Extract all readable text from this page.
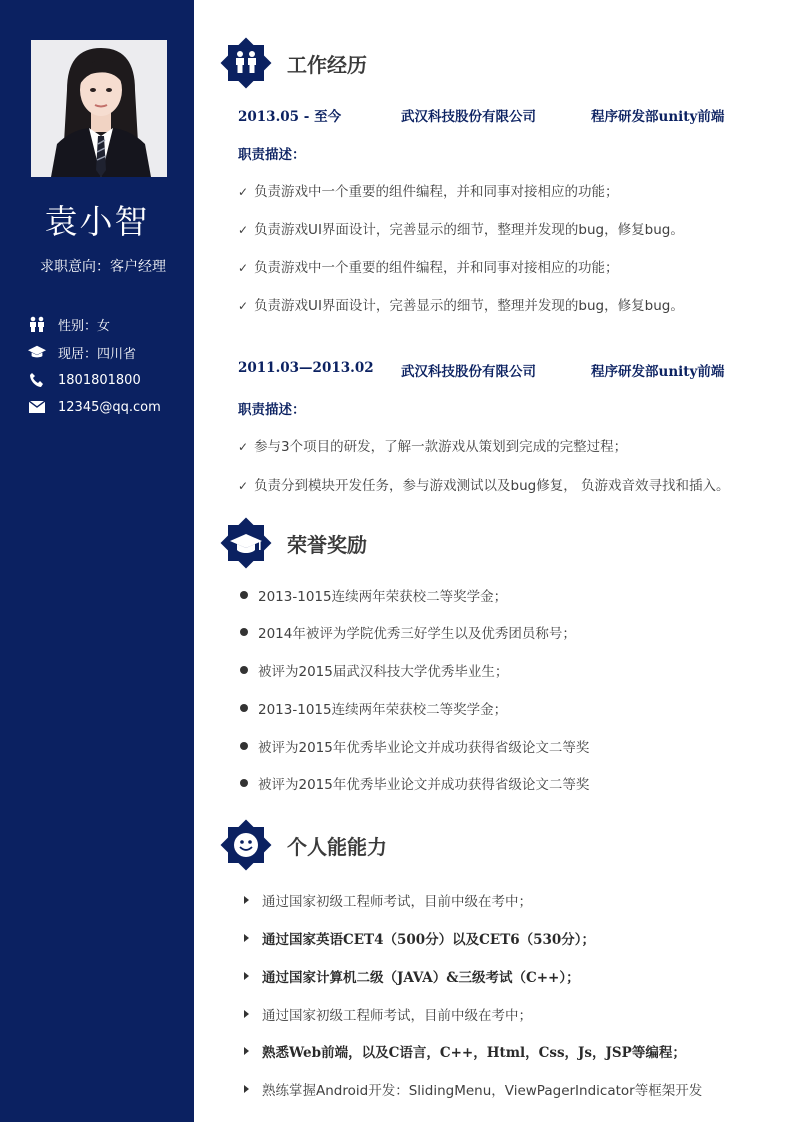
袁小智
求职意向：客户经理
性别：女
现居：四川省
1801801800
12345@qq.com
工作经历
2013.05 - 至今	武汉科技股份有限公司	程序研发部unity前端
职责描述：
✓ 负责游戏中一个重要的组件编程，并和同事对接相应的功能；
✓ 负责游戏UI界面设计，完善显示的细节，整理并发现的bug，修复bug。
✓ 负责游戏中一个重要的组件编程，并和同事对接相应的功能；
✓ 负责游戏UI界面设计，完善显示的细节，整理并发现的bug，修复bug。
2011.03—2013.02 武汉科技股份有限公司	程序研发部unity前端
职责描述：
✓ 参与3个项目的研发，了解一款游戏从策划到完成的完整过程；
✓ 负责分到模块开发任务，参与游戏测试以及bug修复， 负游戏音效寻找和插入。
荣誉奖励
2013-1015连续两年荣获校二等奖学金；
2014年被评为学院优秀三好学生以及优秀团员称号；
被评为2015届武汉科技大学优秀毕业生；
2013-1015连续两年荣获校二等奖学金；
被评为2015年优秀毕业论文并成功获得省级论文二等奖
被评为2015年优秀毕业论文并成功获得省级论文二等奖
个人能能力
通过国家初级工程师考试，目前中级在考中；
通过国家英语CET4（500分）以及CET6（530分）；
通过国家计算机二级（JAVA）&三级考试（C++）；
通过国家初级工程师考试，目前中级在考中；
熟悉Web前端，以及C语言，C++，Html，Css，Js，JSP等编程；
熟练掌握Android开发：SlidingMenu，ViewPagerIndicator等框架开发
